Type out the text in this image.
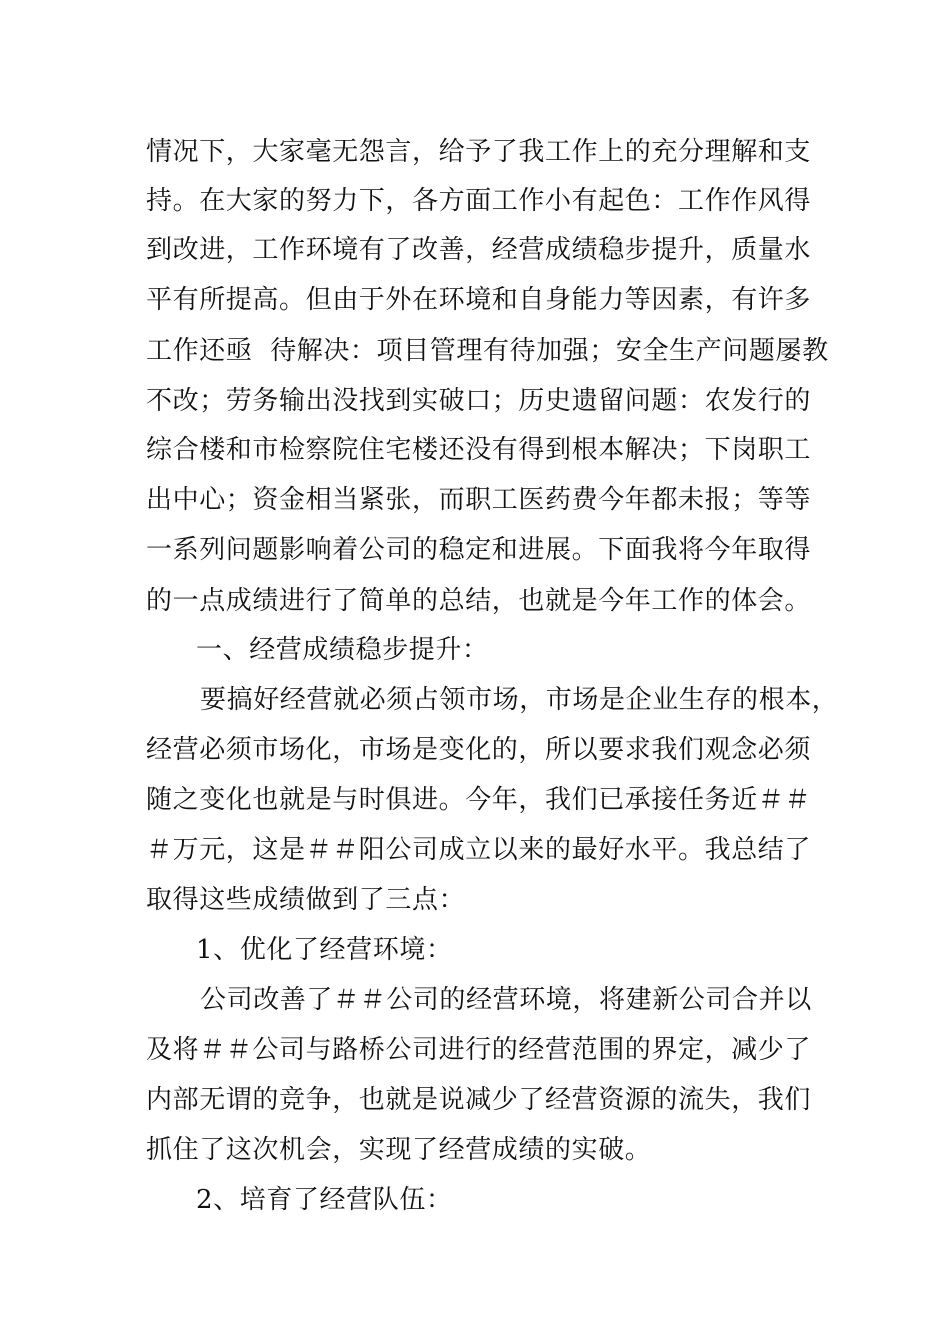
情况下，大家毫无怨言，给予了我工作上的充分理解和支
持。在大家的努力下，各方面工作小有起色：工作作风得
到改进，工作环境有了改善，经营成绩稳步提升，质量水
平有所提高。但由于外在环境和自身能力等因素，有许多
工作还亟  待解决：项目管理有待加强；安全生产问题屡教
不改；劳务输出没找到实破口；历史遗留问题：农发行的
综合楼和市检察院住宅楼还没有得到根本解决；下岗职工
出中心；资金相当紧张，而职工医药费今年都未报；等等
一系列问题影响着公司的稳定和进展。下面我将今年取得
的一点成绩进行了简单的总结，也就是今年工作的体会。
一、经营成绩稳步提升：
要搞好经营就必须占领市场，市场是企业生存的根本，
经营必须市场化，市场是变化的，所以要求我们观念必须
随之变化也就是与时俱进。今年，我们已承接任务近＃＃
＃万元，这是＃＃阳公司成立以来的最好水平。我总结了
取得这些成绩做到了三点：
1、优化了经营环境：
公司改善了＃＃公司的经营环境，将建新公司合并以
及将＃＃公司与路桥公司进行的经营范围的界定，减少了
内部无谓的竞争，也就是说减少了经营资源的流失，我们
抓住了这次机会，实现了经营成绩的实破。
2、培育了经营队伍：
